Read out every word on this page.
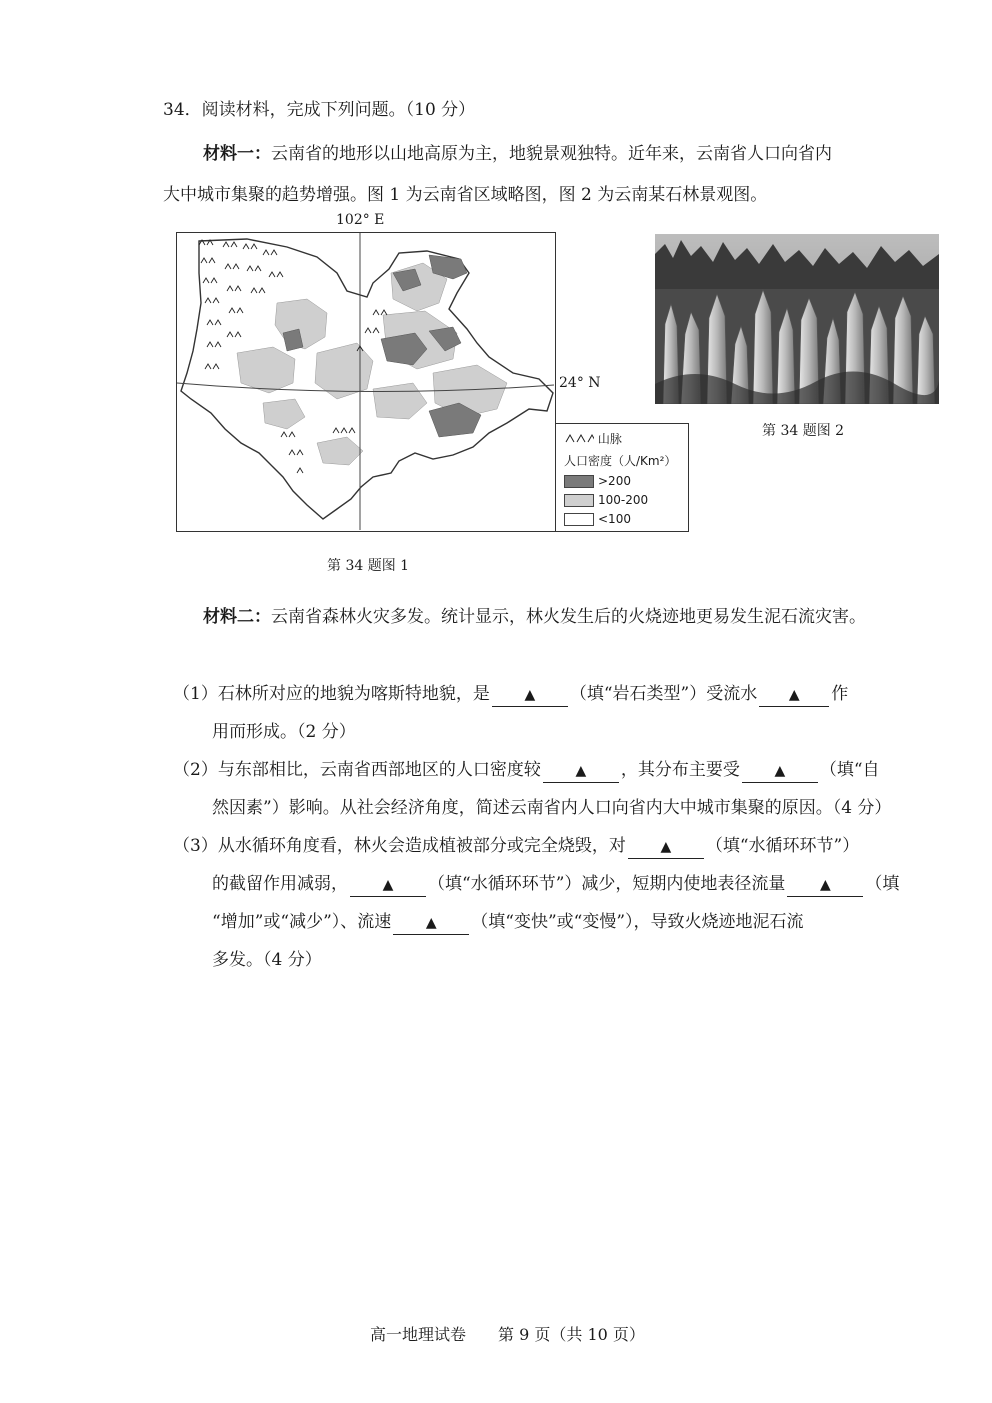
34．阅读材料，完成下列问题。（10 分）
材料一：云南省的地形以山地高原为主，地貌景观独特。近年来，云南省人口向省内
大中城市集聚的趋势增强。图 1 为云南省区域略图，图 2 为云南某石林景观图。
102° E
24° N
山脉
人口密度（人/Km²）
>200
100-200
<100
第 34 题图 1
第 34 题图 2
材料二：云南省森林火灾多发。统计显示，林火发生后的火烧迹地更易发生泥石流灾害。
（1）石林所对应的地貌为喀斯特地貌，是 ▲ （填“岩石类型”）受流水 ▲ 作
用而形成。（2 分）
（2）与东部相比，云南省西部地区的人口密度较 ▲ ，其分布主要受 ▲ （填“自
然因素”）影响。从社会经济角度，简述云南省内人口向省内大中城市集聚的原因。（4 分）
（3）从水循环角度看，林火会造成植被部分或完全烧毁，对 ▲ （填“水循环环节”）
的截留作用减弱， ▲ （填“水循环环节”）减少，短期内使地表径流量 ▲ （填
“增加”或“减少”）、流速 ▲ （填“变快”或“变慢”），导致火烧迹地泥石流
多发。（4 分）
高一地理试卷　　第 9 页（共 10 页）
